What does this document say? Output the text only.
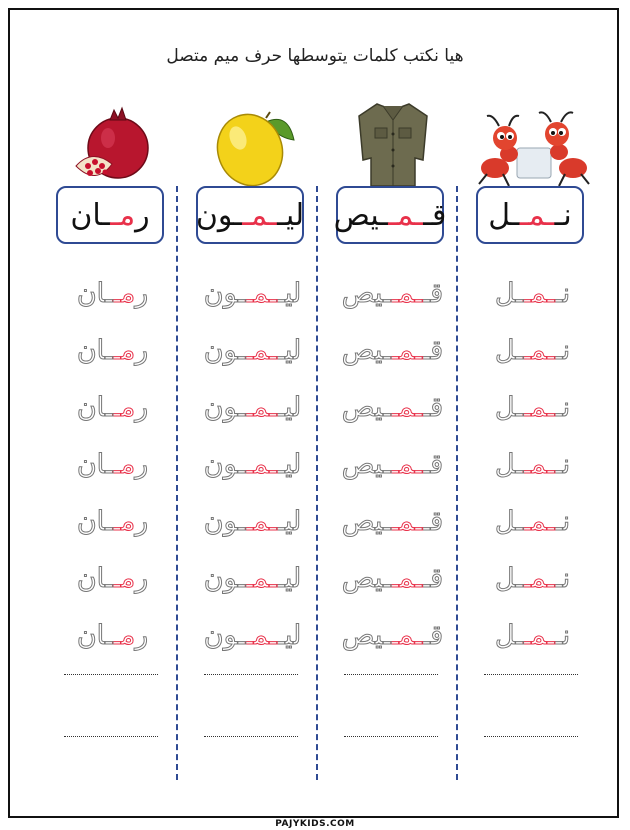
هيا نكتب كلمات يتوسطها حرف ميم متصل
نــمــل
نـ
ـمـ
ـل
نـ
ـمـ
ـل
نـ
ـمـ
ـل
نـ
ـمـ
ـل
نـ
ـمـ
ـل
نـ
ـمـ
ـل
نـ
ـمـ
ـل
قــمــيص
قـ
ـمـ
ـيص
قـ
ـمـ
ـيص
قـ
ـمـ
ـيص
قـ
ـمـ
ـيص
قـ
ـمـ
ـيص
قـ
ـمـ
ـيص
قـ
ـمـ
ـيص
ليــمــون
ليـ
ـمـ
ـون
ليـ
ـمـ
ـون
ليـ
ـمـ
ـون
ليـ
ـمـ
ـون
ليـ
ـمـ
ـون
ليـ
ـمـ
ـون
ليـ
ـمـ
ـون
رمــان
ر
مـ
ـان
ر
مـ
ـان
ر
مـ
ـان
ر
مـ
ـان
ر
مـ
ـان
ر
مـ
ـان
ر
مـ
ـان
PAJYKIDS.COM
